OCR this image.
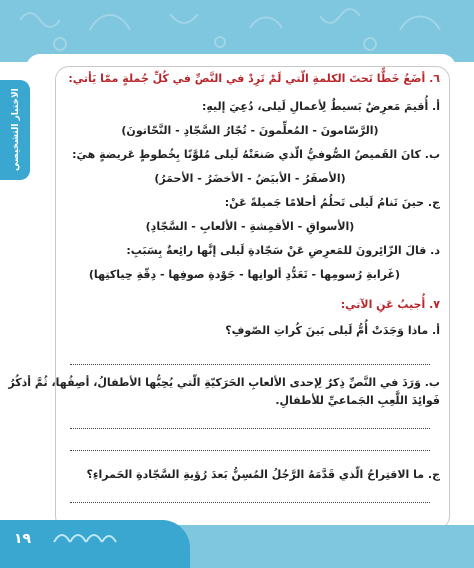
الاختبار التشخيصي
٦. أضَعُ خَطًّا تَحتَ الكلمةِ الّتي لَمْ تَرِدْ في النَّصِّ في كُلِّ جُملةٍ ممّا يَأتي:
أ. أُقيمَ مَعرِضٌ بَسيطٌ لِأعمالِ لَيلى، دُعِيَ إليهِ:
(الرَّسّامونَ - المُعلِّمونَ - تُجّارُ السَّجّادِ - النَّحّاتونَ)
ب. كانَ القَميصُ الصُّوفيُّ الّذي صَنعَتْهُ لَيلى مُلوَّنًا بِخُطوطٍ عَريضةٍ هيَ:
(الأصفَرُ - الأبيَضُ - الأخضَرُ - الأحمَرُ)
ج. حينَ تَنامُ لَيلى تَحلُمُ أحلامًا جَميلةً عَنْ:
(الأسواقِ - الأقمِشةِ - الألعابِ - السَّجّادِ)
د. قالَ الزّائِرونَ للمَعرِضِ عَنْ سَجّادةِ لَيلى إنَّها رائِعةٌ بِسَبَبِ:
(غَرابةِ رُسومِها - تَعَدُّدِ ألوانِها - جَوْدةِ صوفِها - دِقّةِ حِياكتِها)
٧. أُجيبُ عَنِ الآتي:
أ. ماذا وَجَدَتْ أُمُّ لَيلى بَينَ كُراتِ الصّوفِ؟
ب. وَرَدَ في النَّصِّ ذِكرٌ لِإحدى الألعابِ الحَرَكيّةِ الّتي يُحِبُّها الأطفالُ، أصِفُها، ثُمَّ أذكُرُ
فَوائِدَ اللَّعِبِ الجَماعيِّ للأطفالِ.
ج. ما الاقتِراحُ الّذي قَدَّمَهُ الرَّجُلُ المُسِنُّ بَعدَ رُؤيةِ السَّجّادةِ الحَمراءِ؟
١٩
